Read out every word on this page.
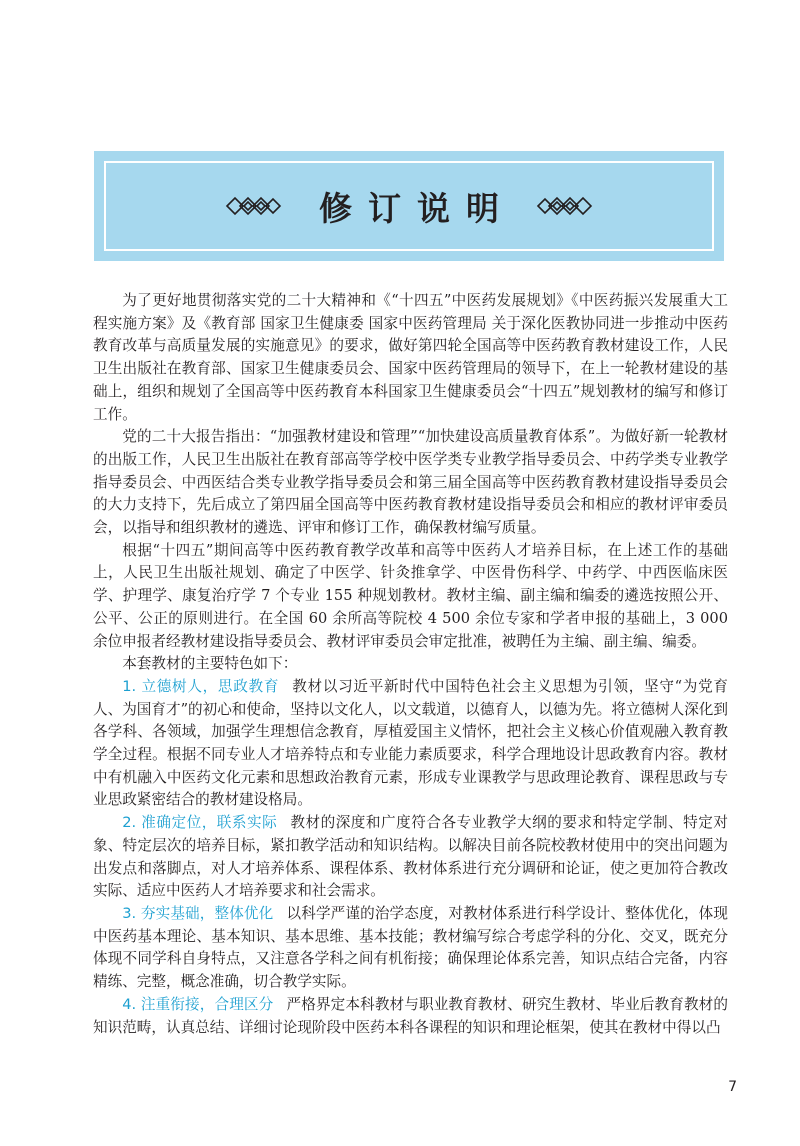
修订说明

为了更好地贯彻落实党的二十大精神和《“十四五”中医药发展规划》《中医药振兴发展重大工程实施方案》及《教育部 国家卫生健康委 国家中医药管理局 关于深化医教协同进一步推动中医药教育改革与高质量发展的实施意见》的要求，做好第四轮全国高等中医药教育教材建设工作，人民卫生出版社在教育部、国家卫生健康委员会、国家中医药管理局的领导下，在上一轮教材建设的基础上，组织和规划了全国高等中医药教育本科国家卫生健康委员会“十四五”规划教材的编写和修订工作。

党的二十大报告指出：“加强教材建设和管理”“加快建设高质量教育体系”。为做好新一轮教材的出版工作，人民卫生出版社在教育部高等学校中医学类专业教学指导委员会、中药学类专业教学指导委员会、中西医结合类专业教学指导委员会和第三届全国高等中医药教育教材建设指导委员会的大力支持下，先后成立了第四届全国高等中医药教育教材建设指导委员会和相应的教材评审委员会，以指导和组织教材的遴选、评审和修订工作，确保教材编写质量。

根据“十四五”期间高等中医药教育教学改革和高等中医药人才培养目标，在上述工作的基础上，人民卫生出版社规划、确定了中医学、针灸推拿学、中医骨伤科学、中药学、中西医临床医学、护理学、康复治疗学 7 个专业 155 种规划教材。教材主编、副主编和编委的遴选按照公开、公平、公正的原则进行。在全国 60 余所高等院校 4 500 余位专家和学者申报的基础上，3 000 余位申报者经教材建设指导委员会、教材评审委员会审定批准，被聘任为主编、副主编、编委。

本套教材的主要特色如下：

1. 立德树人，思政教育 教材以习近平新时代中国特色社会主义思想为引领，坚守“为党育人、为国育才”的初心和使命，坚持以文化人，以文载道，以德育人，以德为先。将立德树人深化到各学科、各领域，加强学生理想信念教育，厚植爱国主义情怀，把社会主义核心价值观融入教育教学全过程。根据不同专业人才培养特点和专业能力素质要求，科学合理地设计思政教育内容。教材中有机融入中医药文化元素和思想政治教育元素，形成专业课教学与思政理论教育、课程思政与专业思政紧密结合的教材建设格局。

2. 准确定位，联系实际 教材的深度和广度符合各专业教学大纲的要求和特定学制、特定对象、特定层次的培养目标，紧扣教学活动和知识结构。以解决目前各院校教材使用中的突出问题为出发点和落脚点，对人才培养体系、课程体系、教材体系进行充分调研和论证，使之更加符合教改实际、适应中医药人才培养要求和社会需求。

3. 夯实基础，整体优化 以科学严谨的治学态度，对教材体系进行科学设计、整体优化，体现中医药基本理论、基本知识、基本思维、基本技能；教材编写综合考虑学科的分化、交叉，既充分体现不同学科自身特点，又注意各学科之间有机衔接；确保理论体系完善，知识点结合完备，内容精练、完整，概念准确，切合教学实际。

4. 注重衔接，合理区分 严格界定本科教材与职业教育教材、研究生教材、毕业后教育教材的知识范畴，认真总结、详细讨论现阶段中医药本科各课程的知识和理论框架，使其在教材中得以凸

7
